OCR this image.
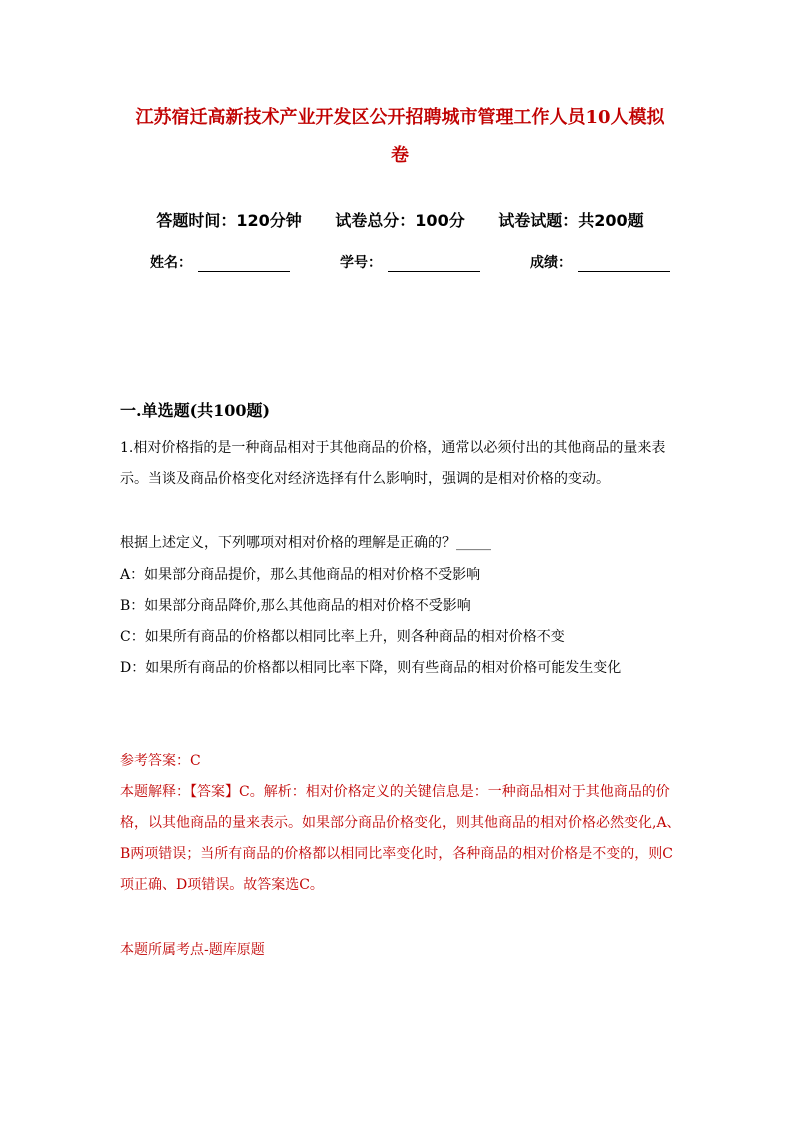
江苏宿迁高新技术产业开发区公开招聘城市管理工作人员10人模拟
卷
答题时间：120分钟 试卷总分：100分 试卷试题：共200题
姓名：	学号：	成绩：
一.单选题(共100题)
1.相对价格指的是一种商品相对于其他商品的价格，通常以必须付出的其他商品的量来表示。当谈及商品价格变化对经济选择有什么影响时，强调的是相对价格的变动。
根据上述定义，下列哪项对相对价格的理解是正确的？_____
A：如果部分商品提价，那么其他商品的相对价格不受影响
B：如果部分商品降价,那么其他商品的相对价格不受影响
C：如果所有商品的价格都以相同比率上升，则各种商品的相对价格不变
D：如果所有商品的价格都以相同比率下降，则有些商品的相对价格可能发生变化
参考答案：C
本题解释：【答案】C。解析：相对价格定义的关键信息是：一种商品相对于其他商品的价格，以其他商品的量来表示。如果部分商品价格变化，则其他商品的相对价格必然变化,A、B两项错误；当所有商品的价格都以相同比率变化时，各种商品的相对价格是不变的，则C项正确、D项错误。故答案选C。
本题所属考点-题库原题
